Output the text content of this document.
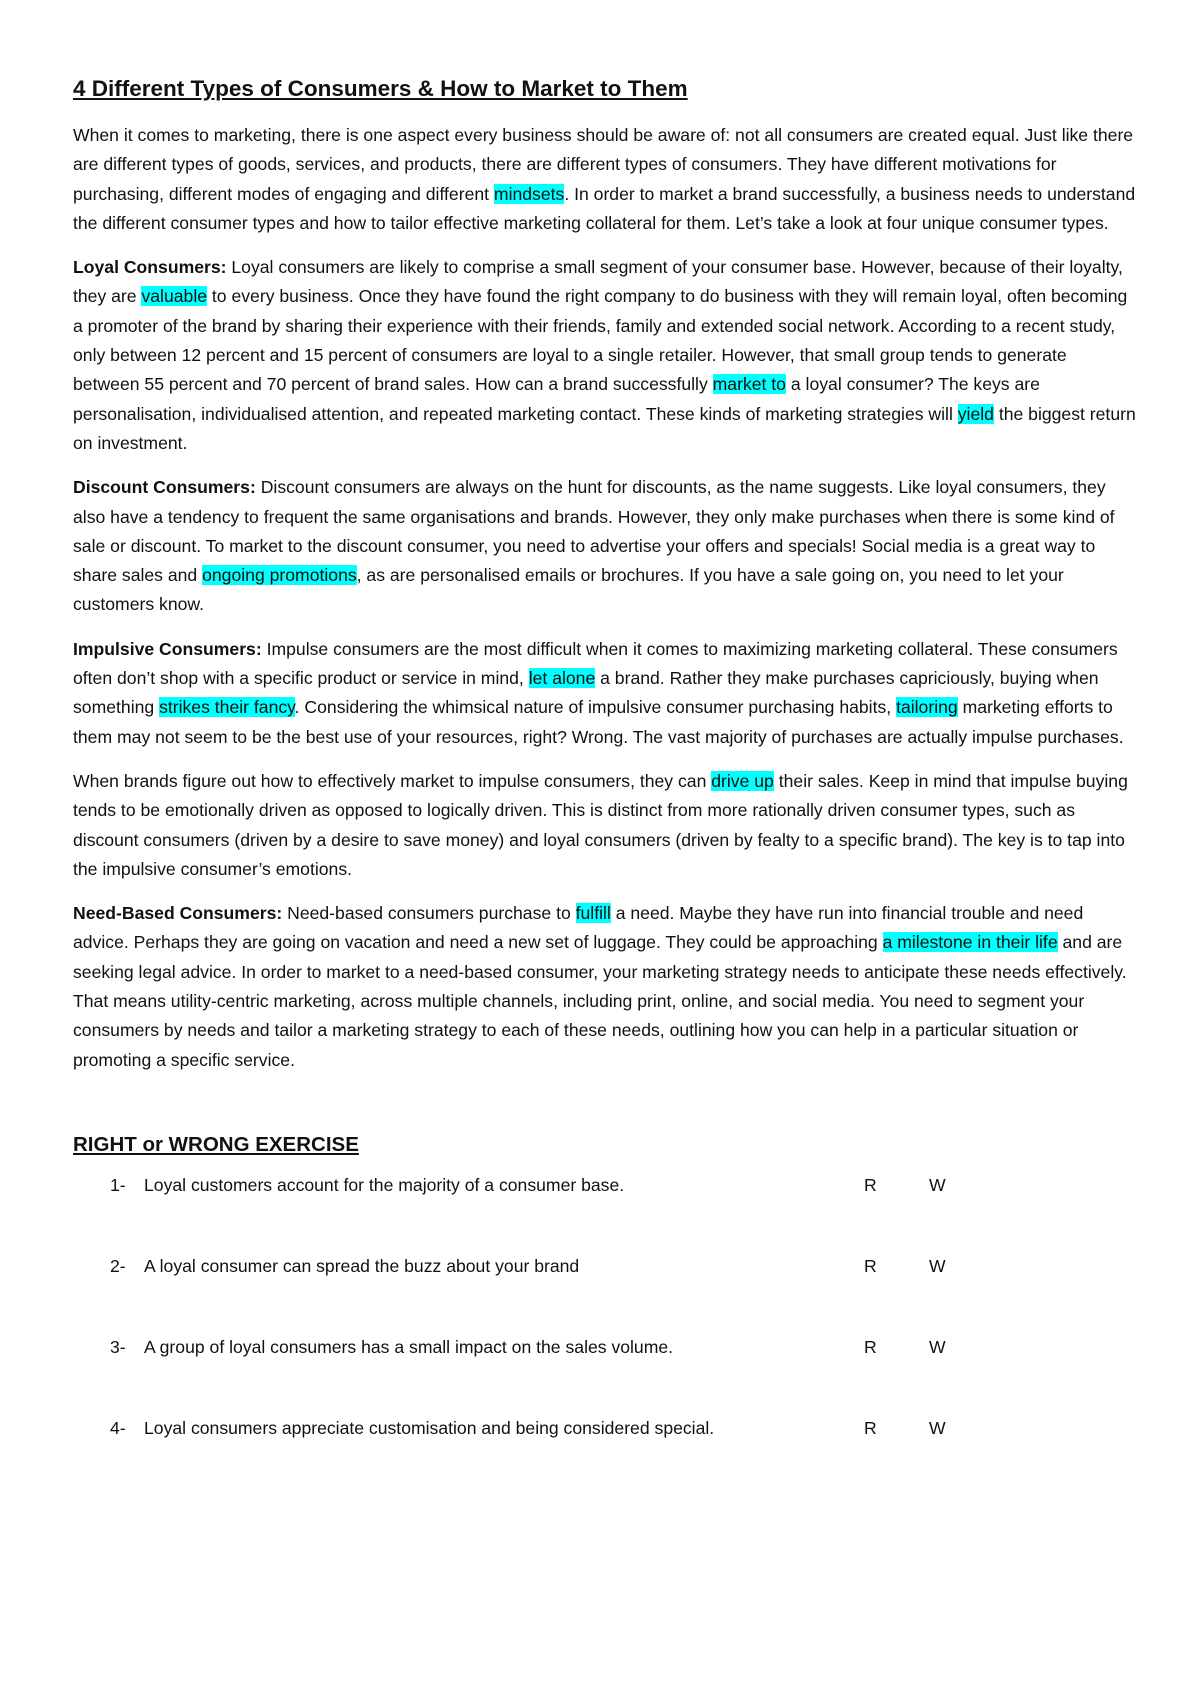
4 Different Types of Consumers & How to Market to Them

When it comes to marketing, there is one aspect every business should be aware of: not all consumers are created equal. Just like there are different types of goods, services, and products, there are different types of consumers. They have different motivations for purchasing, different modes of engaging and different mindsets. In order to market a brand successfully, a business needs to understand the different consumer types and how to tailor effective marketing collateral for them. Let’s take a look at four unique consumer types.

Loyal Consumers: Loyal consumers are likely to comprise a small segment of your consumer base. However, because of their loyalty, they are valuable to every business. Once they have found the right company to do business with they will remain loyal, often becoming a promoter of the brand by sharing their experience with their friends, family and extended social network. According to a recent study, only between 12 percent and 15 percent of consumers are loyal to a single retailer. However, that small group tends to generate between 55 percent and 70 percent of brand sales. How can a brand successfully market to a loyal consumer? The keys are personalisation, individualised attention, and repeated marketing contact. These kinds of marketing strategies will yield the biggest return on investment.

Discount Consumers: Discount consumers are always on the hunt for discounts, as the name suggests. Like loyal consumers, they also have a tendency to frequent the same organisations and brands. However, they only make purchases when there is some kind of sale or discount. To market to the discount consumer, you need to advertise your offers and specials! Social media is a great way to share sales and ongoing promotions, as are personalised emails or brochures. If you have a sale going on, you need to let your customers know.

Impulsive Consumers: Impulse consumers are the most difficult when it comes to maximizing marketing collateral. These consumers often don’t shop with a specific product or service in mind, let alone a brand. Rather they make purchases capriciously, buying when something strikes their fancy. Considering the whimsical nature of impulsive consumer purchasing habits, tailoring marketing efforts to them may not seem to be the best use of your resources, right? Wrong. The vast majority of purchases are actually impulse purchases.

When brands figure out how to effectively market to impulse consumers, they can drive up their sales. Keep in mind that impulse buying tends to be emotionally driven as opposed to logically driven. This is distinct from more rationally driven consumer types, such as discount consumers (driven by a desire to save money) and loyal consumers (driven by fealty to a specific brand). The key is to tap into the impulsive consumer’s emotions.

Need-Based Consumers: Need-based consumers purchase to fulfill a need. Maybe they have run into financial trouble and need advice. Perhaps they are going on vacation and need a new set of luggage. They could be approaching a milestone in their life and are seeking legal advice. In order to market to a need-based consumer, your marketing strategy needs to anticipate these needs effectively. That means utility-centric marketing, across multiple channels, including print, online, and social media. You need to segment your consumers by needs and tailor a marketing strategy to each of these needs, outlining how you can help in a particular situation or promoting a specific service.

RIGHT or WRONG EXERCISE
1- Loyal customers account for the majority of a consumer base.	R	W
2- A loyal consumer can spread the buzz about your brand	R	W
3- A group of loyal consumers has a small impact on the sales volume.	R	W
4- Loyal consumers appreciate customisation and being considered special.	R	W
